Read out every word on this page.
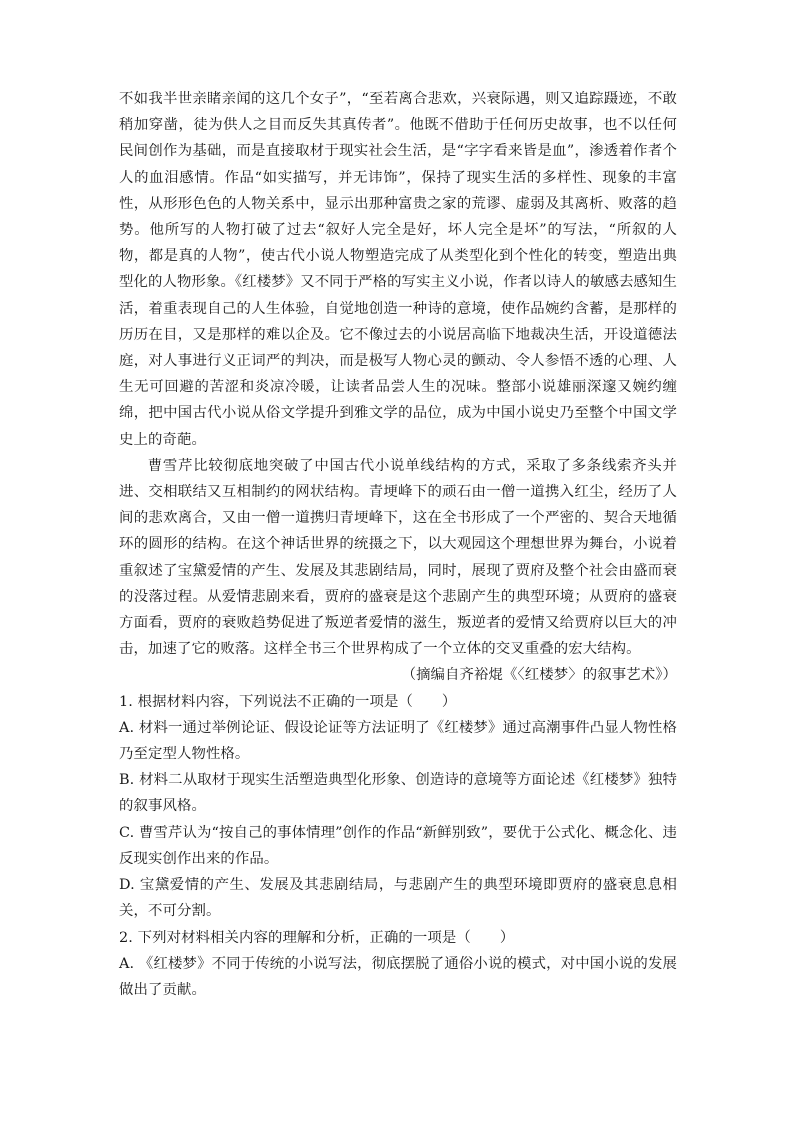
不如我半世亲睹亲闻的这几个女子”，“至若离合悲欢，兴衰际遇，则又追踪蹑迹，不敢稍加穿凿，徒为供人之目而反失其真传者”。他既不借助于任何历史故事，也不以任何民间创作为基础，而是直接取材于现实社会生活，是“字字看来皆是血”，渗透着作者个人的血泪感情。作品“如实描写，并无讳饰”，保持了现实生活的多样性、现象的丰富性，从形形色色的人物关系中，显示出那种富贵之家的荒谬、虚弱及其离析、败落的趋势。他所写的人物打破了过去“叙好人完全是好，坏人完全是坏”的写法，“所叙的人物，都是真的人物”，使古代小说人物塑造完成了从类型化到个性化的转变，塑造出典型化的人物形象。《红楼梦》又不同于严格的写实主义小说，作者以诗人的敏感去感知生活，着重表现自己的人生体验，自觉地创造一种诗的意境，使作品婉约含蓄，是那样的历历在目，又是那样的难以企及。它不像过去的小说居高临下地裁决生活，开设道德法庭，对人事进行义正词严的判决，而是极写人物心灵的颤动、令人参悟不透的心理、人生无可回避的苦涩和炎凉冷暖，让读者品尝人生的况味。整部小说雄丽深邃又婉约缠绵，把中国古代小说从俗文学提升到雅文学的品位，成为中国小说史乃至整个中国文学史上的奇葩。

曹雪芹比较彻底地突破了中国古代小说单线结构的方式，采取了多条线索齐头并进、交相联结又互相制约的网状结构。青埂峰下的顽石由一僧一道携入红尘，经历了人间的悲欢离合，又由一僧一道携归青埂峰下，这在全书形成了一个严密的、契合天地循环的圆形的结构。在这个神话世界的统摄之下，以大观园这个理想世界为舞台，小说着重叙述了宝黛爱情的产生、发展及其悲剧结局，同时，展现了贾府及整个社会由盛而衰的没落过程。从爱情悲剧来看，贾府的盛衰是这个悲剧产生的典型环境；从贾府的盛衰方面看，贾府的衰败趋势促进了叛逆者爱情的滋生，叛逆者的爱情又给贾府以巨大的冲击，加速了它的败落。这样全书三个世界构成了一个立体的交叉重叠的宏大结构。

（摘编自齐裕焜《〈红楼梦〉的叙事艺术》）

1. 根据材料内容，下列说法不正确的一项是（　　）

A. 材料一通过举例论证、假设论证等方法证明了《红楼梦》通过高潮事件凸显人物性格乃至定型人物性格。

B. 材料二从取材于现实生活塑造典型化形象、创造诗的意境等方面论述《红楼梦》独特的叙事风格。

C. 曹雪芹认为“按自己的事体情理”创作的作品“新鲜别致”，要优于公式化、概念化、违反现实创作出来的作品。

D. 宝黛爱情的产生、发展及其悲剧结局，与悲剧产生的典型环境即贾府的盛衰息息相关，不可分割。

2. 下列对材料相关内容的理解和分析，正确的一项是（　　）

A. 《红楼梦》不同于传统的小说写法，彻底摆脱了通俗小说的模式，对中国小说的发展做出了贡献。
